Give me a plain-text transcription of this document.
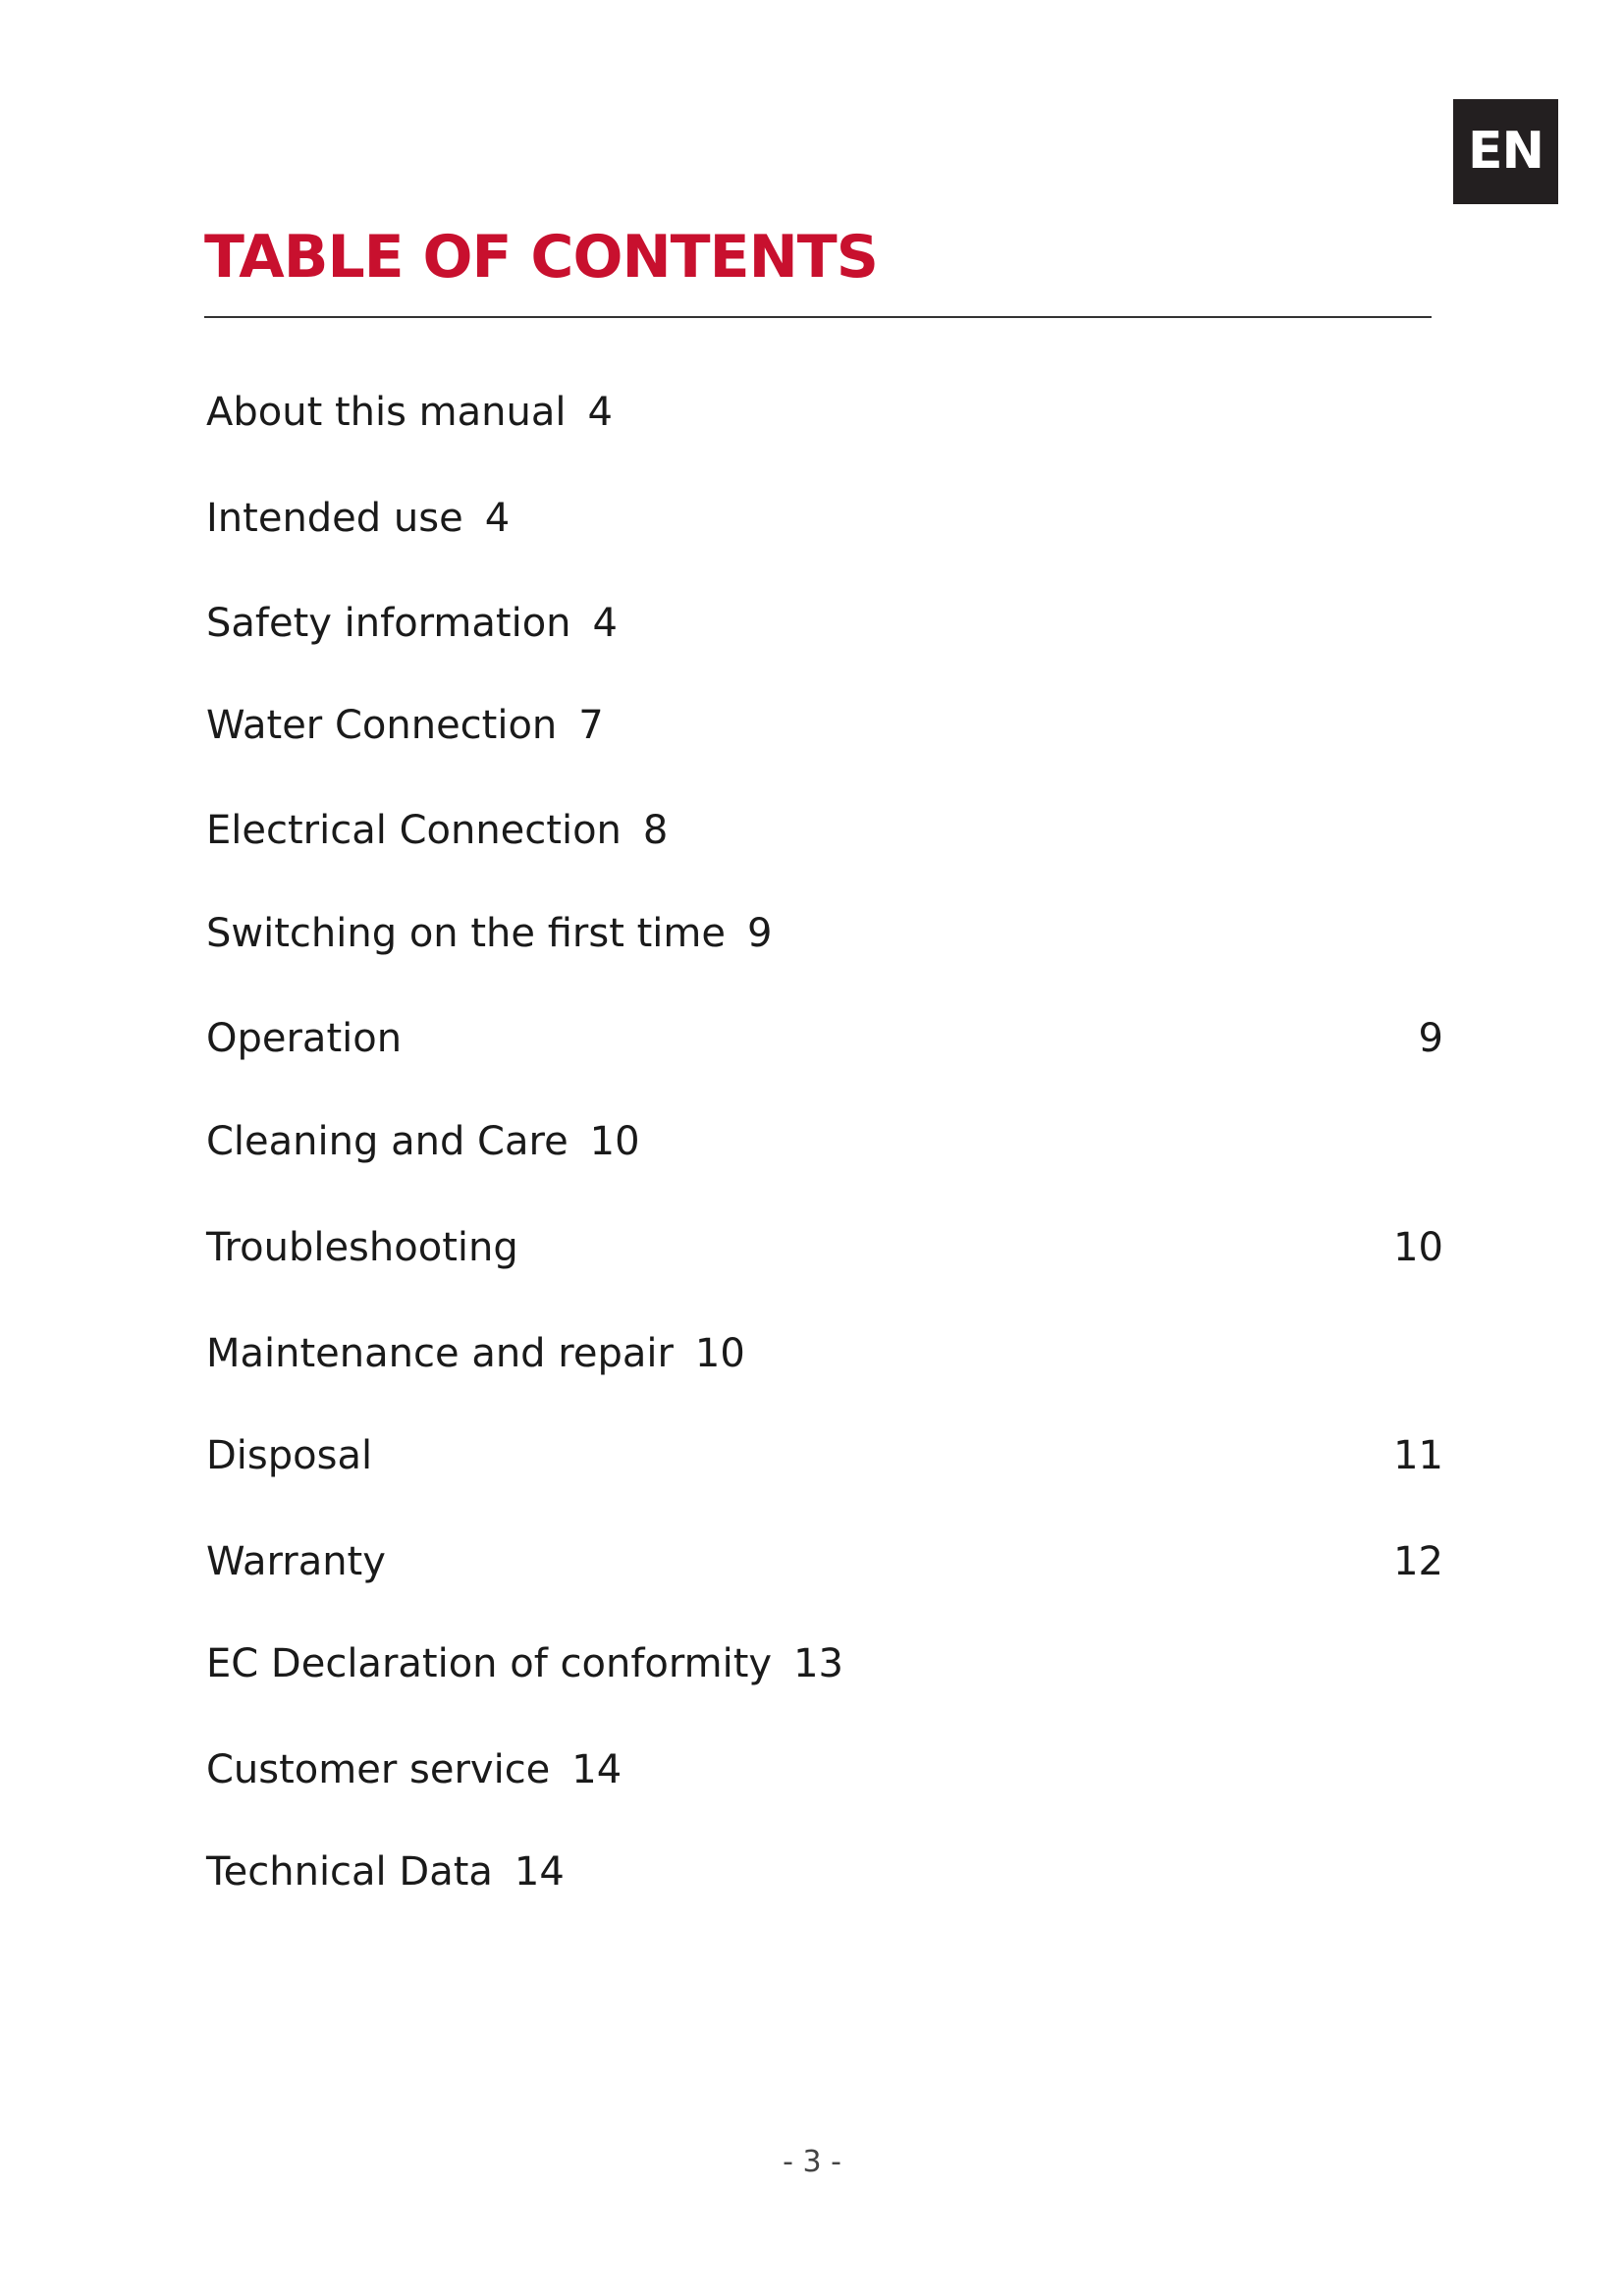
EN
TABLE OF CONTENTS
About this manual 4
Intended use 4
Safety information 4
Water Connection 7
Electrical Connection 8
Switching on the first time 9
Operation	9
Cleaning and Care 10
Troubleshooting	10
Maintenance and repair 10
Disposal	11
Warranty	12
EC Declaration of conformity 13
Customer service 14
Technical Data 14
- 3 -
